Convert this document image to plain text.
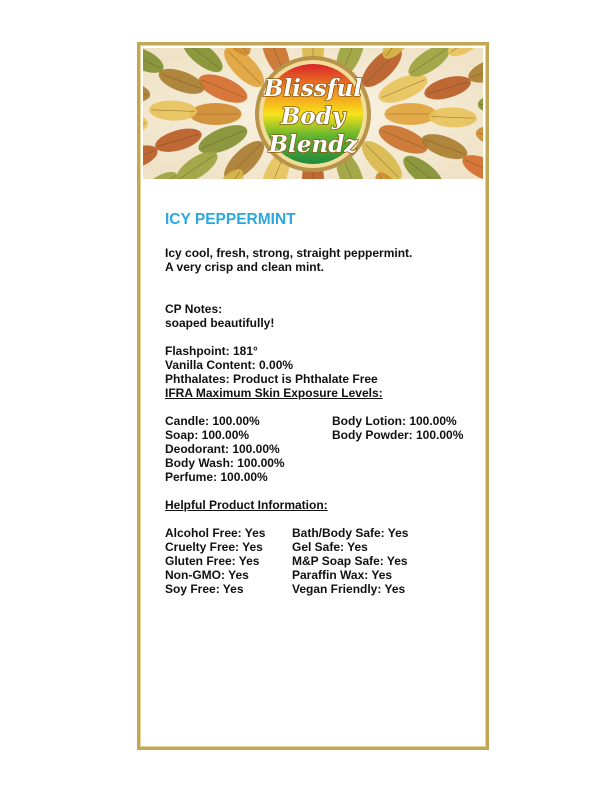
Blissful
Body
Blendz
ICY PEPPERMINT
Icy cool, fresh, strong, straight peppermint.
A very crisp and clean mint.
CP Notes:
soaped beautifully!
Flashpoint: 181°
Vanilla Content: 0.00%
Phthalates: Product is Phthalate Free
IFRA Maximum Skin Exposure Levels:
Candle: 100.00%
Soap: 100.00%
Deodorant: 100.00%
Body Wash: 100.00%
Perfume: 100.00%
Body Lotion: 100.00%
Body Powder: 100.00%
Helpful Product Information:
Alcohol Free: Yes
Cruelty Free: Yes
Gluten Free: Yes
Non-GMO: Yes
Soy Free: Yes
Bath/Body Safe: Yes
Gel Safe: Yes
M&P Soap Safe: Yes
Paraffin Wax: Yes
Vegan Friendly: Yes
